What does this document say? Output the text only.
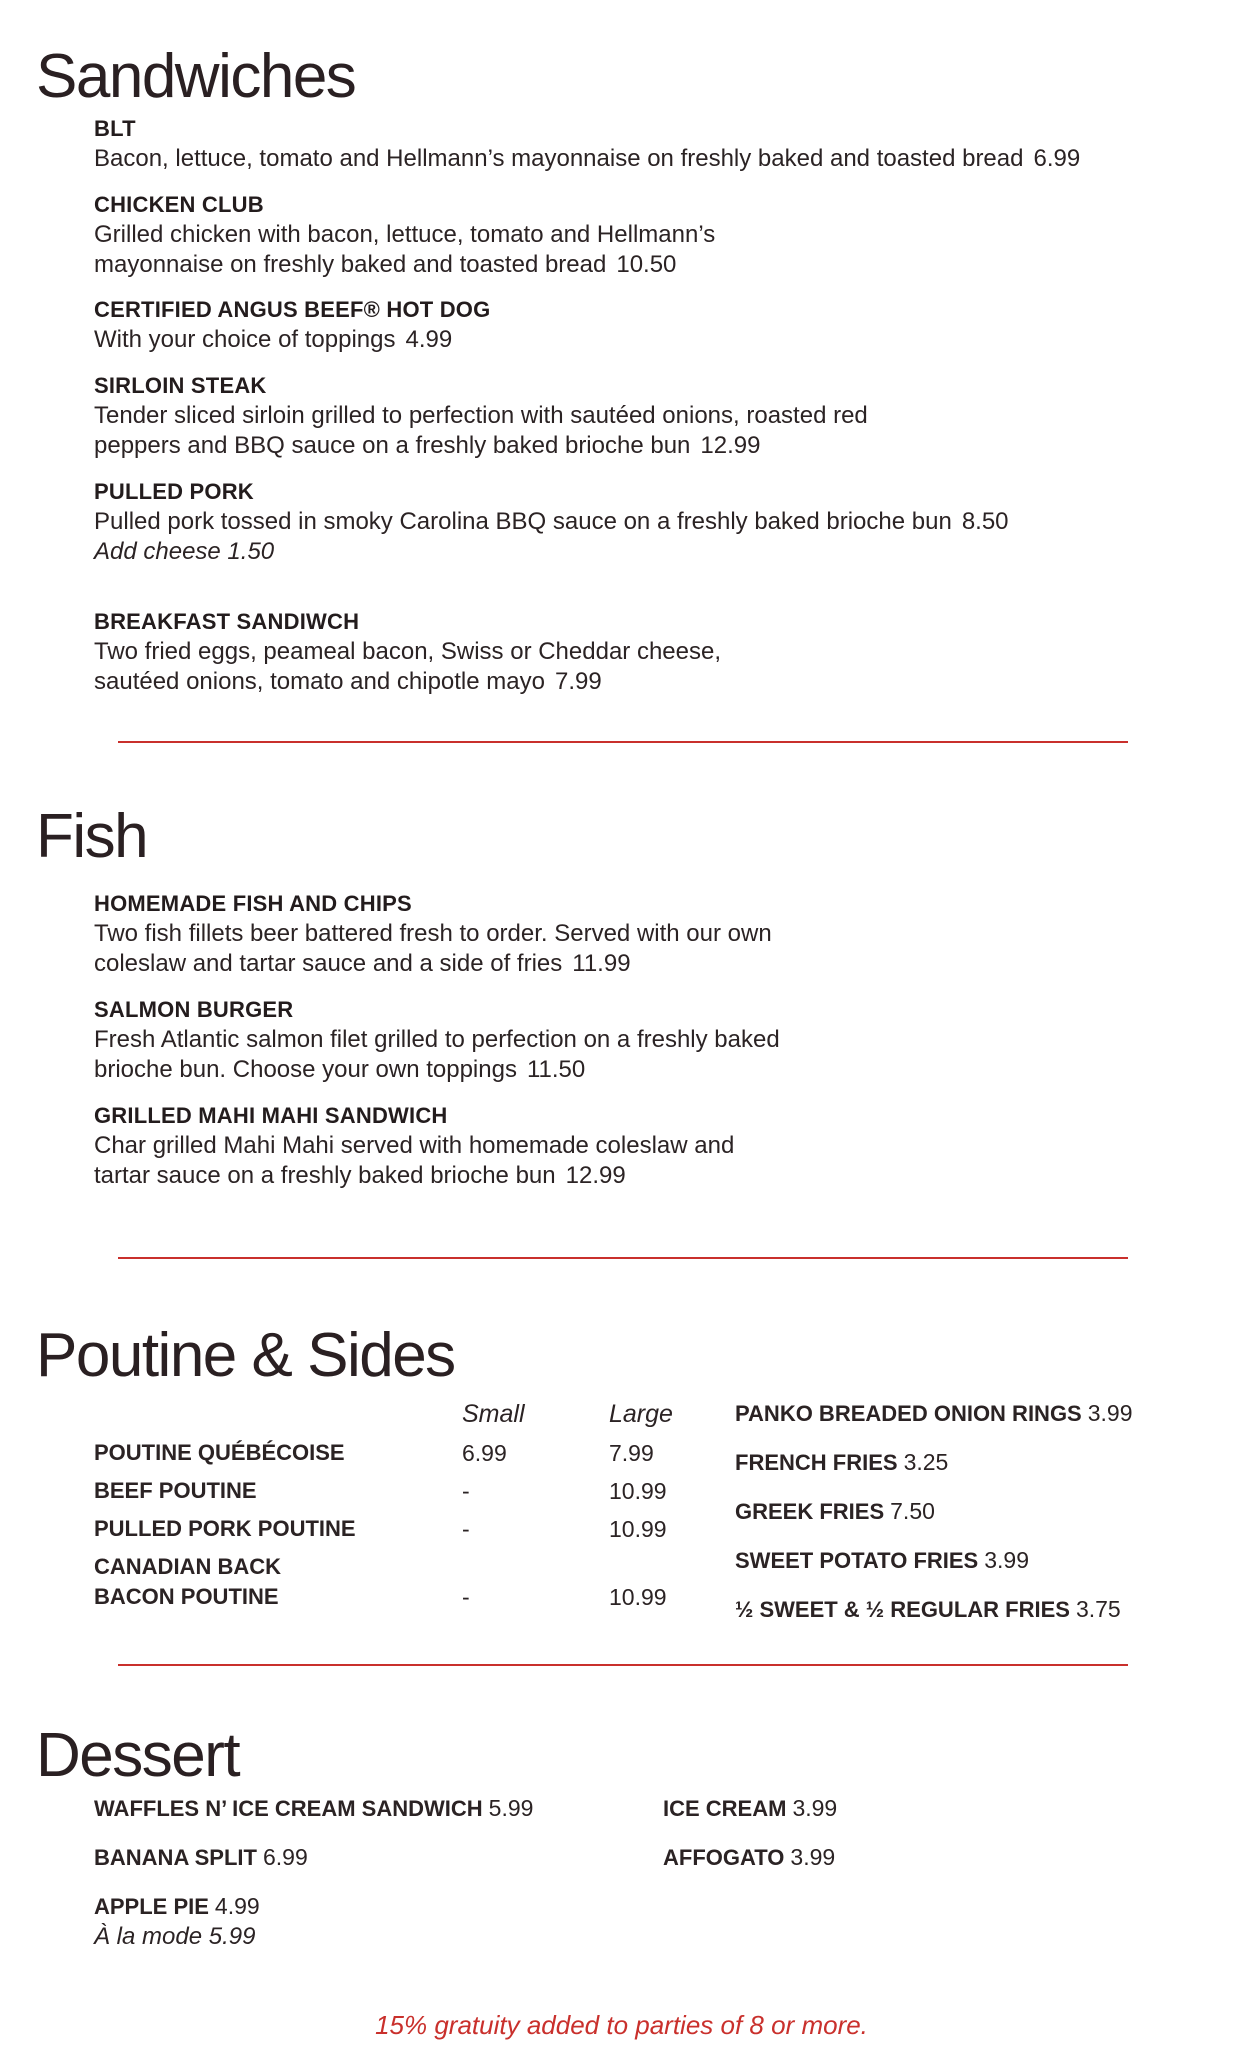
Sandwiches
BLT
Bacon, lettuce, tomato and Hellmann’s mayonnaise on freshly baked and toasted bread 6.99
CHICKEN CLUB
Grilled chicken with bacon, lettuce, tomato and Hellmann’s
mayonnaise on freshly baked and toasted bread 10.50
CERTIFIED ANGUS BEEF® HOT DOG
With your choice of toppings 4.99
SIRLOIN STEAK
Tender sliced sirloin grilled to perfection with sautéed onions, roasted red
peppers and BBQ sauce on a freshly baked brioche bun 12.99
PULLED PORK
Pulled pork tossed in smoky Carolina BBQ sauce on a freshly baked brioche bun 8.50
Add cheese 1.50
BREAKFAST SANDIWCH
Two fried eggs, peameal bacon, Swiss or Cheddar cheese,
sautéed onions, tomato and chipotle mayo 7.99
Fish
HOMEMADE FISH AND CHIPS
Two fish fillets beer battered fresh to order. Served with our own
coleslaw and tartar sauce and a side of fries 11.99
SALMON BURGER
Fresh Atlantic salmon filet grilled to perfection on a freshly baked
brioche bun. Choose your own toppings 11.50
GRILLED MAHI MAHI SANDWICH
Char grilled Mahi Mahi served with homemade coleslaw and
tartar sauce on a freshly baked brioche bun 12.99
Poutine & Sides
Small	Large
POUTINE QUÉBÉCOISE	6.99	7.99
BEEF POUTINE	-	10.99
PULLED PORK POUTINE	-	10.99
CANADIAN BACK
BACON POUTINE	-	10.99
PANKO BREADED ONION RINGS 3.99
FRENCH FRIES 3.25
GREEK FRIES 7.50
SWEET POTATO FRIES 3.99
½ SWEET & ½ REGULAR FRIES 3.75
Dessert
WAFFLES N’ ICE CREAM SANDWICH 5.99
BANANA SPLIT 6.99
APPLE PIE 4.99
À la mode 5.99
ICE CREAM 3.99
AFFOGATO 3.99
15% gratuity added to parties of 8 or more.
